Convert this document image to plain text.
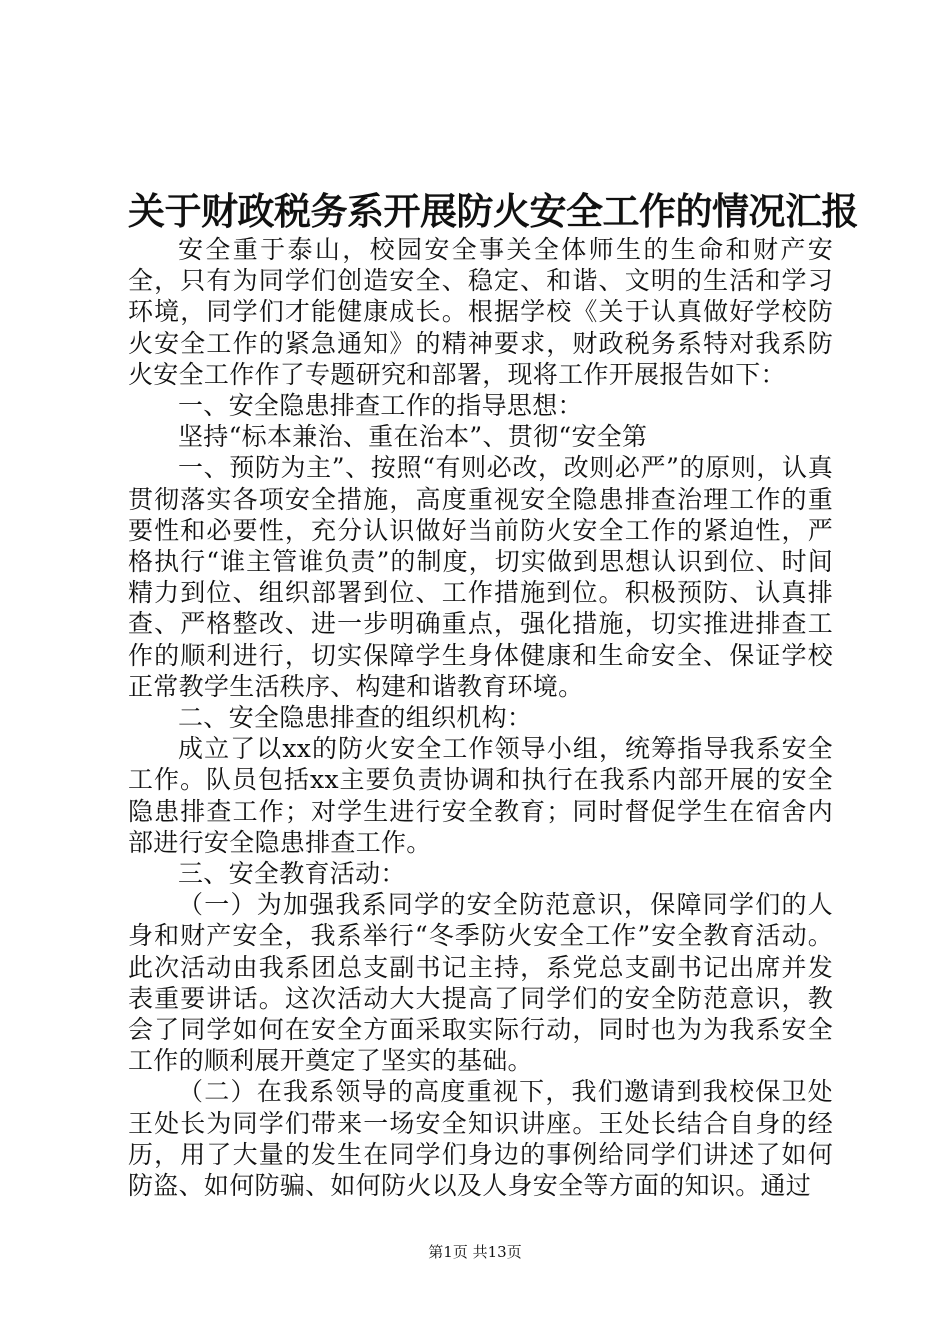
关于财政税务系开展防火安全工作的情况汇报

安全重于泰山，校园安全事关全体师生的生命和财产安全，只有为同学们创造安全、稳定、和谐、文明的生活和学习环境，同学们才能健康成长。根据学校《关于认真做好学校防火安全工作的紧急通知》的精神要求，财政税务系特对我系防火安全工作作了专题研究和部署，现将工作开展报告如下：

一、安全隐患排查工作的指导思想：

坚持“标本兼治、重在治本”、贯彻“安全第

一、预防为主”、按照“有则必改，改则必严”的原则，认真贯彻落实各项安全措施，高度重视安全隐患排查治理工作的重要性和必要性，充分认识做好当前防火安全工作的紧迫性，严格执行“谁主管谁负责”的制度，切实做到思想认识到位、时间精力到位、组织部署到位、工作措施到位。积极预防、认真排查、严格整改、进一步明确重点，强化措施，切实推进排查工作的顺利进行，切实保障学生身体健康和生命安全、保证学校正常教学生活秩序、构建和谐教育环境。

二、安全隐患排查的组织机构：

成立了以xx的防火安全工作领导小组，统筹指导我系安全工作。队员包括xx主要负责协调和执行在我系内部开展的安全隐患排查工作；对学生进行安全教育；同时督促学生在宿舍内部进行安全隐患排查工作。

三、安全教育活动：

（一）为加强我系同学的安全防范意识，保障同学们的人身和财产安全，我系举行“冬季防火安全工作”安全教育活动。此次活动由我系团总支副书记主持，系党总支副书记出席并发表重要讲话。这次活动大大提高了同学们的安全防范意识，教会了同学如何在安全方面采取实际行动，同时也为为我系安全工作的顺利展开奠定了坚实的基础。

（二）在我系领导的高度重视下，我们邀请到我校保卫处王处长为同学们带来一场安全知识讲座。王处长结合自身的经历，用了大量的发生在同学们身边的事例给同学们讲述了如何防盗、如何防骗、如何防火以及人身安全等方面的知识。通过

第1页 共13页
